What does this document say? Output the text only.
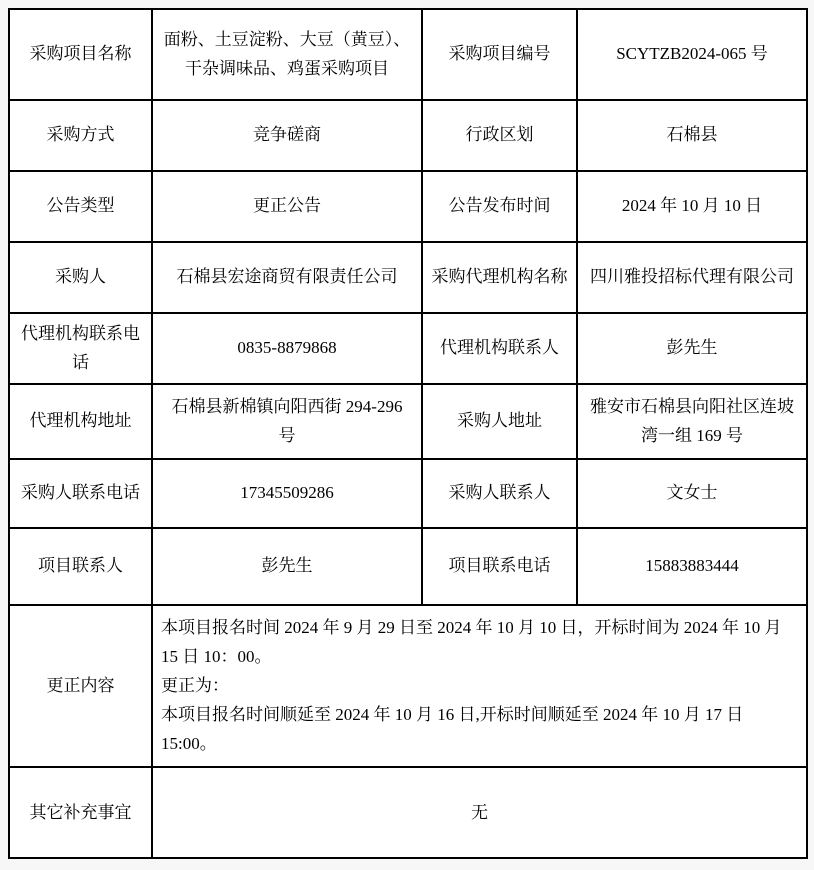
采购项目名称	面粉、土豆淀粉、大豆（黄豆）、干杂调味品、鸡蛋采购项目	采购项目编号	SCYTZB2024-065 号
采购方式	竞争磋商	行政区划	石棉县
公告类型	更正公告	公告发布时间	2024 年 10 月 10 日
采购人	石棉县宏途商贸有限责任公司	采购代理机构名称	四川雅投招标代理有限公司
代理机构联系电话	0835-8879868	代理机构联系人	彭先生
代理机构地址	石棉县新棉镇向阳西街 294-296 号	采购人地址	雅安市石棉县向阳社区连坡湾一组 169 号
采购人联系电话	17345509286	采购人联系人	文女士
项目联系人	彭先生	项目联系电话	15883883444
更正内容	本项目报名时间 2024 年 9 月 29 日至 2024 年 10 月 10 日，开标时间为 2024 年 10 月 15 日 10：00。

更正为：

本项目报名时间顺延至 2024 年 10 月 16 日,开标时间顺延至 2024 年 10 月 17 日 15:00。		

其它补充事宜	无		
